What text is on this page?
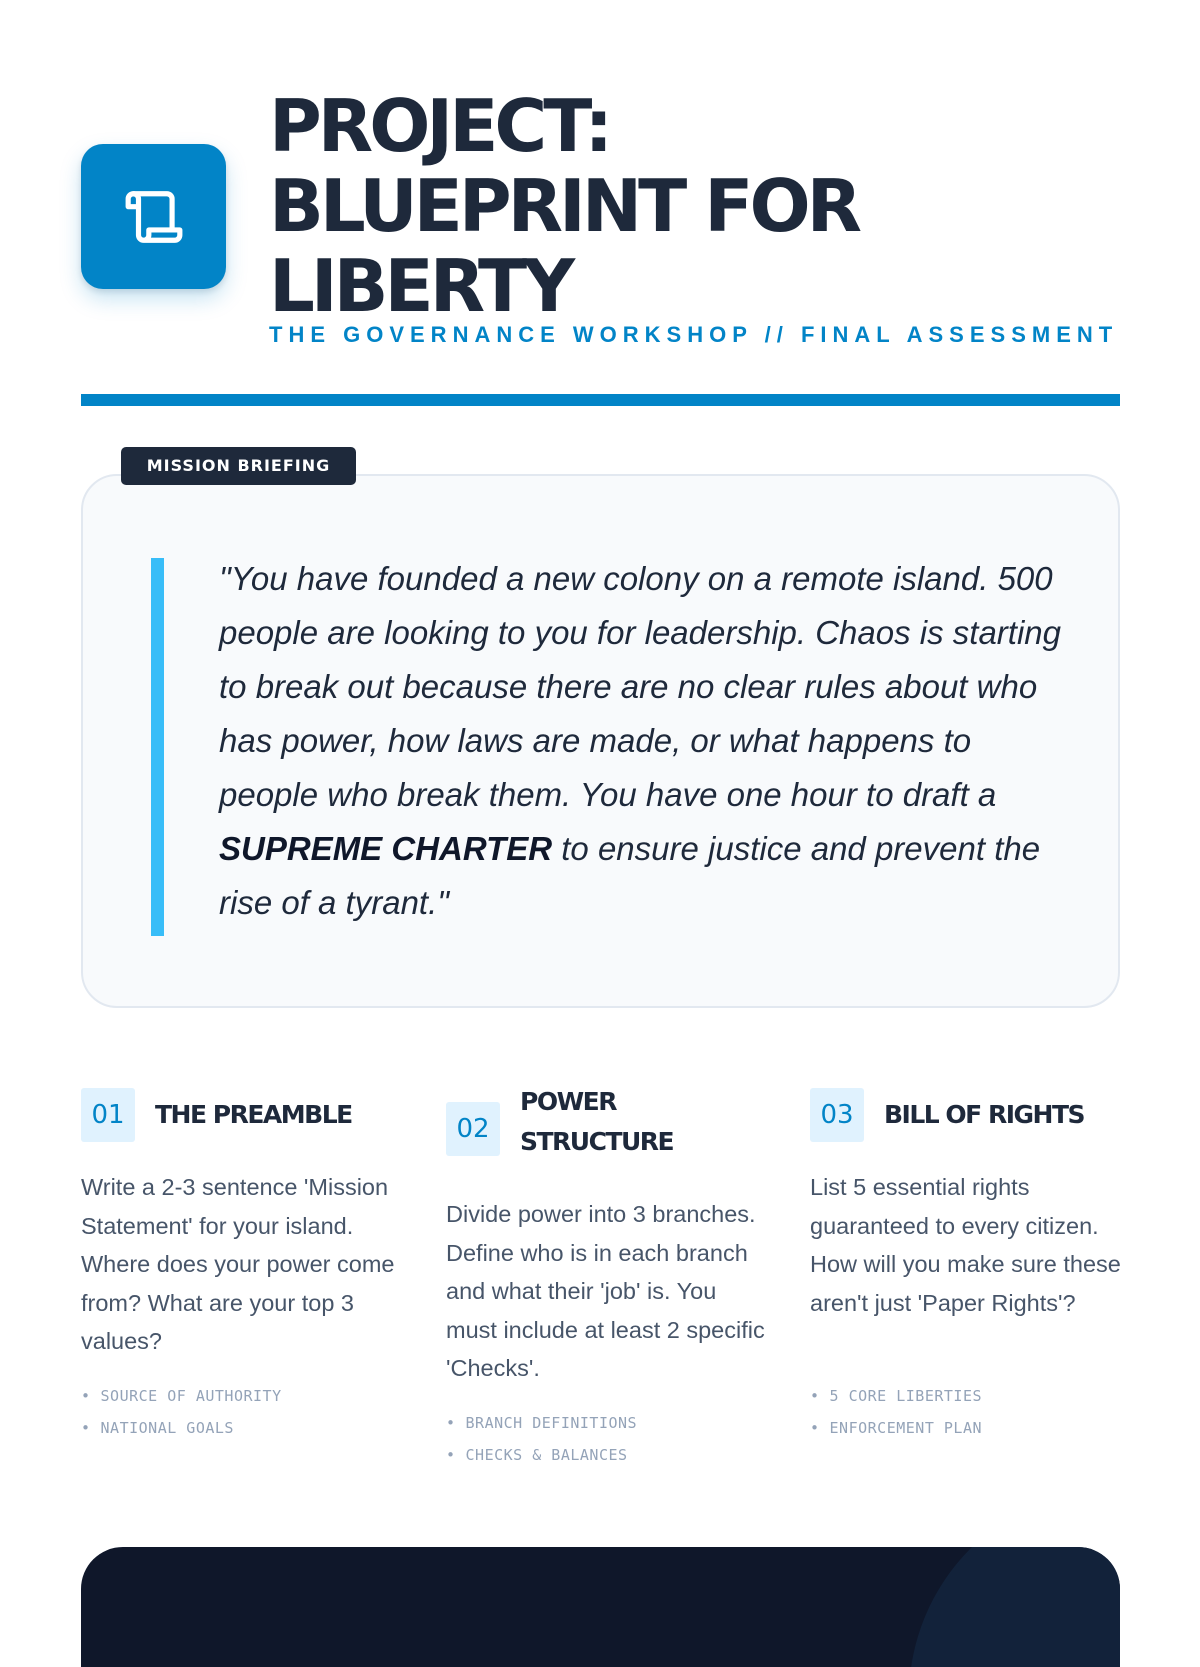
PROJECT:
BLUEPRINT FOR
LIBERTY
THE GOVERNANCE WORKSHOP // FINAL ASSESSMENT
MISSION BRIEFING

"You have founded a new colony on a remote island. 500 people are looking to you for leadership. Chaos is starting to break out because there are no clear rules about who has power, how laws are made, or what happens to people who break them. You have one hour to draft a SUPREME CHARTER to ensure justice and prevent the rise of a tyrant."

01	THE PREAMBLE

Write a 2-3 sentence 'Mission Statement' for your island. Where does your power come from? What are your top 3 values?

• SOURCE OF AUTHORITY
• NATIONAL GOALS
02
POWER STRUCTURE

Divide power into 3 branches. Define who is in each branch and what their 'job' is. You must include at least 2 specific 'Checks'.

• BRANCH DEFINITIONS
• CHECKS & BALANCES
03	BILL OF RIGHTS

List 5 essential rights guaranteed to every citizen. How will you make sure these aren't just 'Paper Rights'?

• 5 CORE LIBERTIES
• ENFORCEMENT PLAN
